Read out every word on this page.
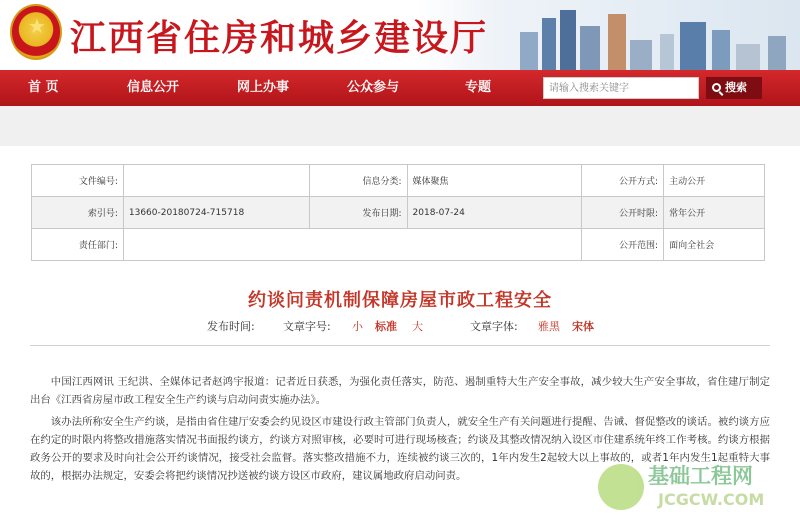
★ 江西省住房和城乡建设厅
首 页	信息公开	网上办事	公众参与	专题
请输入搜索关键字	搜索
文件编号:		信息分类:	媒体聚焦	公开方式:	主动公开
索引号:	13660-20180724-715718	发布日期:	2018-07-24	公开时限:	常年公开
责任部门:				公开范围:	面向全社会
约谈问责机制保障房屋市政工程安全
发布时间:	文章字号: 小 标准 大	文章字体: 雅黑 宋体

中国江西网讯 王纪洪、全媒体记者赵鸿宇报道：记者近日获悉，为强化责任落实，防范、遏制重特大生产安全事故，减少较大生产安全事故，省住建厅制定出台《江西省房屋市政工程安全生产约谈与启动问责实施办法》。

该办法所称安全生产约谈，是指由省住建厅安委会约见设区市建设行政主管部门负责人，就安全生产有关问题进行提醒、告诫、督促整改的谈话。被约谈方应在约定的时限内将整改措施落实情况书面报约谈方，约谈方对照审核，必要时可进行现场核查；约谈及其整改情况纳入设区市住建系统年终工作考核。约谈方根据政务公开的要求及时向社会公开约谈情况，接受社会监督。落实整改措施不力，连续被约谈三次的，1年内发生2起较大以上事故的，或者1年内发生1起重特大事故的，根据办法规定，安委会将把约谈情况抄送被约谈方设区市政府，建议属地政府启动问责。	基础工程网
JCGCW.COM
